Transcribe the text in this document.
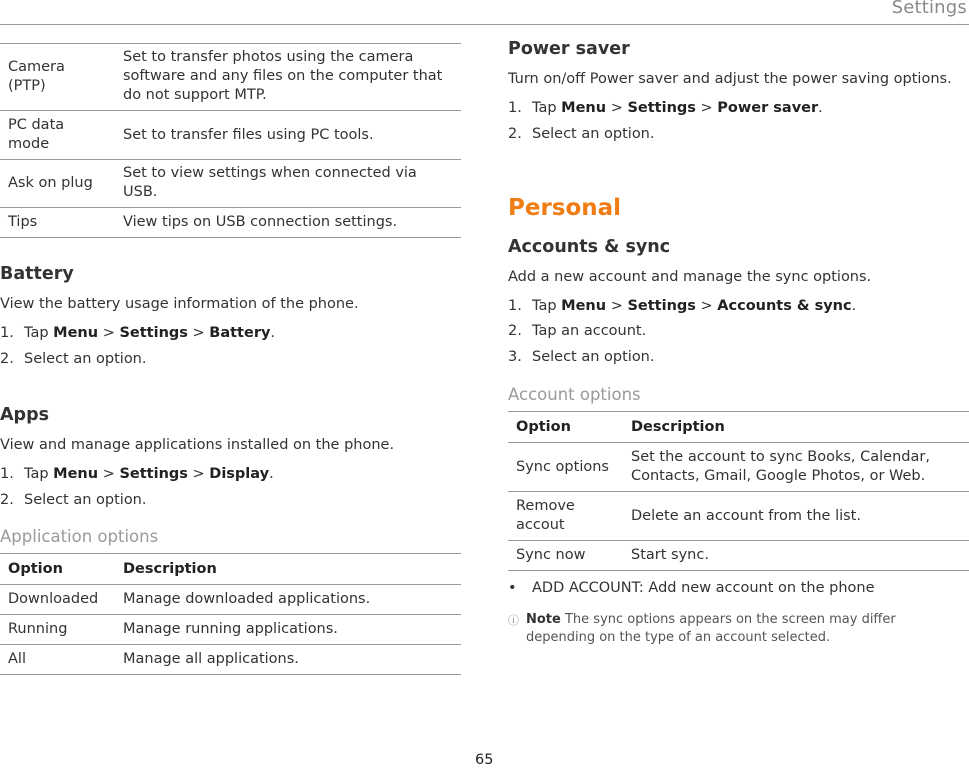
Settings
Camera (PTP)	Set to transfer photos using the camera software and any files on the computer that do not support MTP.
PC data mode	Set to transfer files using PC tools.
Ask on plug	Set to view settings when connected via USB.
Tips	View tips on USB connection settings.
Battery

View the battery usage information of the phone.

1. Tap Menu > Settings > Battery.

2. Select an option.

Apps

View and manage applications installed on the phone.

1. Tap Menu > Settings > Display.

2. Select an option.

Application options

Option	Description
Downloaded	Manage downloaded applications.
Running	Manage running applications.
All	Manage all applications.
Power saver

Turn on/off Power saver and adjust the power saving options.

1. Tap Menu > Settings > Power saver.

2. Select an option.

Personal
Accounts & sync

Add a new account and manage the sync options.

1. Tap Menu > Settings > Accounts & sync.

2. Tap an account.

3. Select an option.

Account options

Option	Description
Sync options	Set the account to sync Books, Calendar, Contacts, Gmail, Google Photos, or Web.
Remove accout	Delete an account from the list.
Sync now	Start sync.

• ADD ACCOUNT: Add new account on the phone

ⓘ Note The sync options appears on the screen may differ depending on the type of an account selected.
65
